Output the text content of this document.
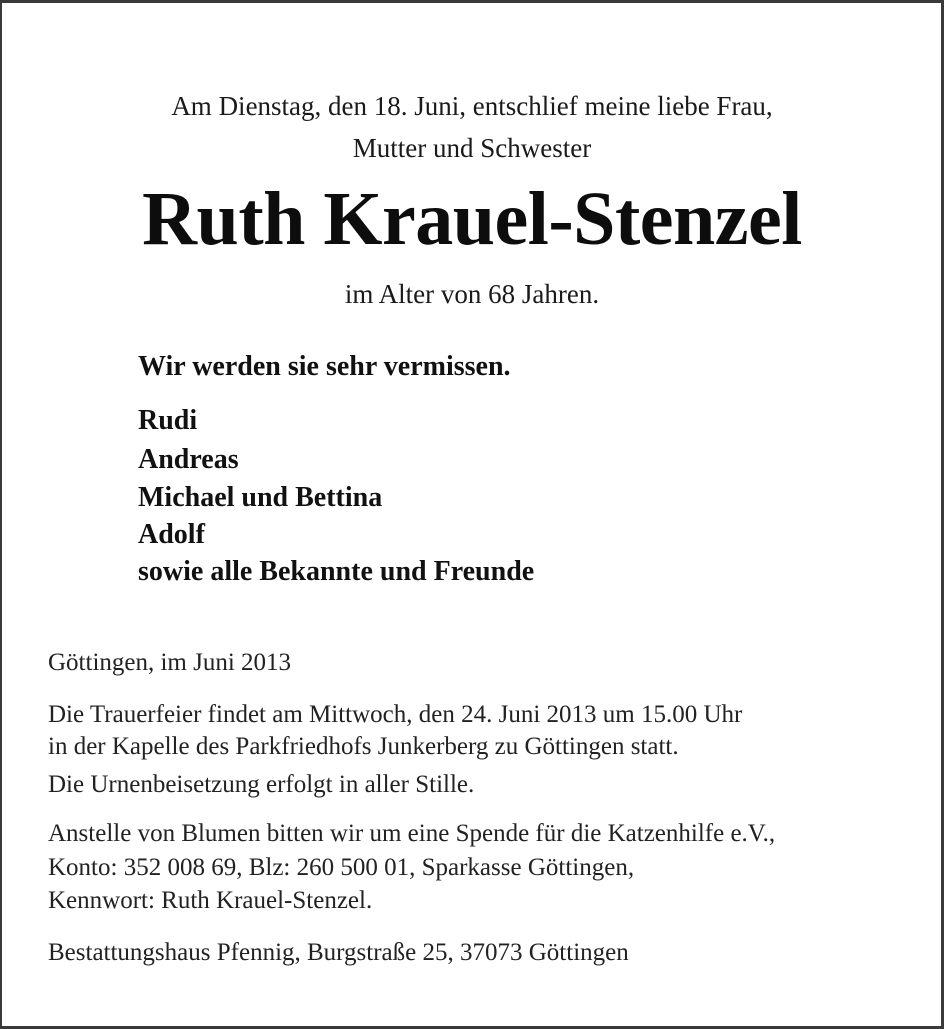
Am Dienstag, den 18. Juni, entschlief meine liebe Frau,
Mutter und Schwester
Ruth Krauel-Stenzel
im Alter von 68 Jahren.
Wir werden sie sehr vermissen.
Rudi
Andreas
Michael und Bettina
Adolf
sowie alle Bekannte und Freunde
Göttingen, im Juni 2013
Die Trauerfeier findet am Mittwoch, den 24. Juni 2013 um 15.00 Uhr
in der Kapelle des Parkfriedhofs Junkerberg zu Göttingen statt.
Die Urnenbeisetzung erfolgt in aller Stille.
Anstelle von Blumen bitten wir um eine Spende für die Katzenhilfe e.V.,
Konto: 352 008 69, Blz: 260 500 01, Sparkasse Göttingen,
Kennwort: Ruth Krauel-Stenzel.
Bestattungshaus Pfennig, Burgstraße 25, 37073 Göttingen
